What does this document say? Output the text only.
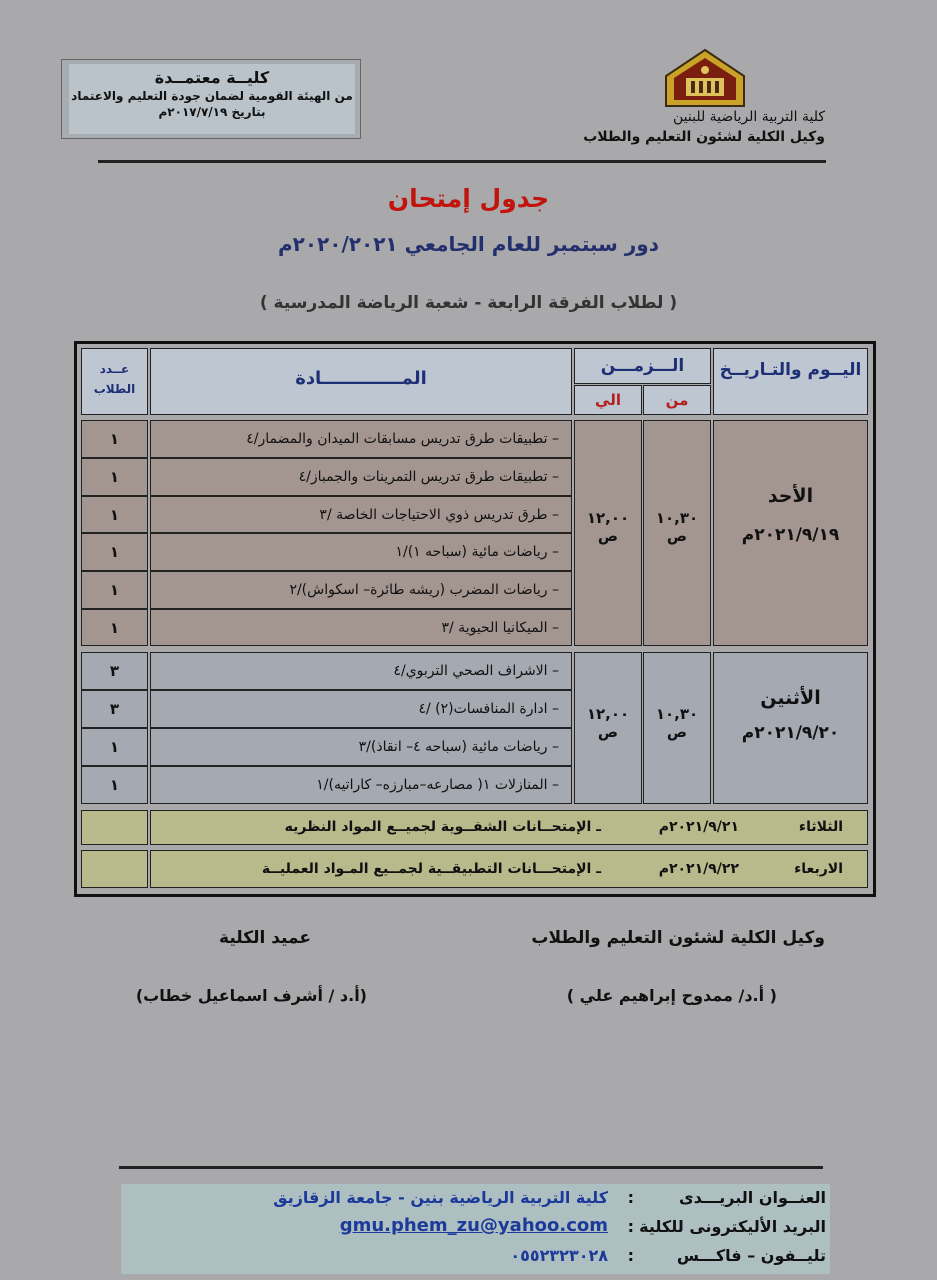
كليــة معتمــدة
من الهيئة القومية لضمان جودة التعليم والاعتماد
بتاريخ ٢٠١٧/٧/١٩م	كلية التربية الرياضية للبنين
وكيل الكلية لشئون التعليم والطلاب
جدول إمتحان
دور سبتمبر للعام الجامعي ٢٠٢٠/٢٠٢١م
( لطلاب الفرقة الرابعة - شعبة الرياضة المدرسية )
اليــوم والتـاريــخ
الـــزمـــن
من
الي
المـــــــــــــادة
عــدد الطلاب
الأحد
٢٠٢١/٩/١٩م
١٠,٣٠ ص
١٢,٠٠ ص
– تطبيقات طرق تدريس مسابقات الميدان والمضمار/٤
– تطبيقات طرق تدريس التمرينات والجمباز/٤
– طرق تدريس ذوي الاحتياجات الخاصة /٣
– رياضات مائية (سباحه ١)/١
– رياضات المضرب (ريشه طائرة– اسكواش)/٢
– الميكانيا الحيوية /٣
١
١
١
١
١
١
الأثنين
٢٠٢١/٩/٢٠م
١٠,٣٠ ص
١٢,٠٠ ص
– الاشراف الصحي التربوي/٤
– ادارة المنافسات(٢) /٤
– رياضات مائية (سباحه ٤– انقاذ)/٣
– المنازلات ١( مصارعه–مبارزه– كاراتيه)/١
٣
٣
١
١
الثلاثاء
٢٠٢١/٩/٢١م
ـ الإمتحــانات الشفــوية لجميــع المواد النظريه
الاربعاء
٢٠٢١/٩/٢٢م
ـ الإمتحـــانات التطبيقــية لجمــيع المـواد العمليــة
وكيل الكلية لشئون التعليم والطلاب
( أ.د/ ممدوح إبراهيم علي )
عميد الكلية
(أ.د / أشرف اسماعيل خطاب)
العنــوان البريـــدى
:
كلية التربية الرياضية بنين - جامعة الزقازيق
البريد الأليكترونى للكلية
:
gmu.phem_zu@yahoo.com
تليــفون – فاكـــس
:
٠٥٥٢٣٢٣٠٢٨
